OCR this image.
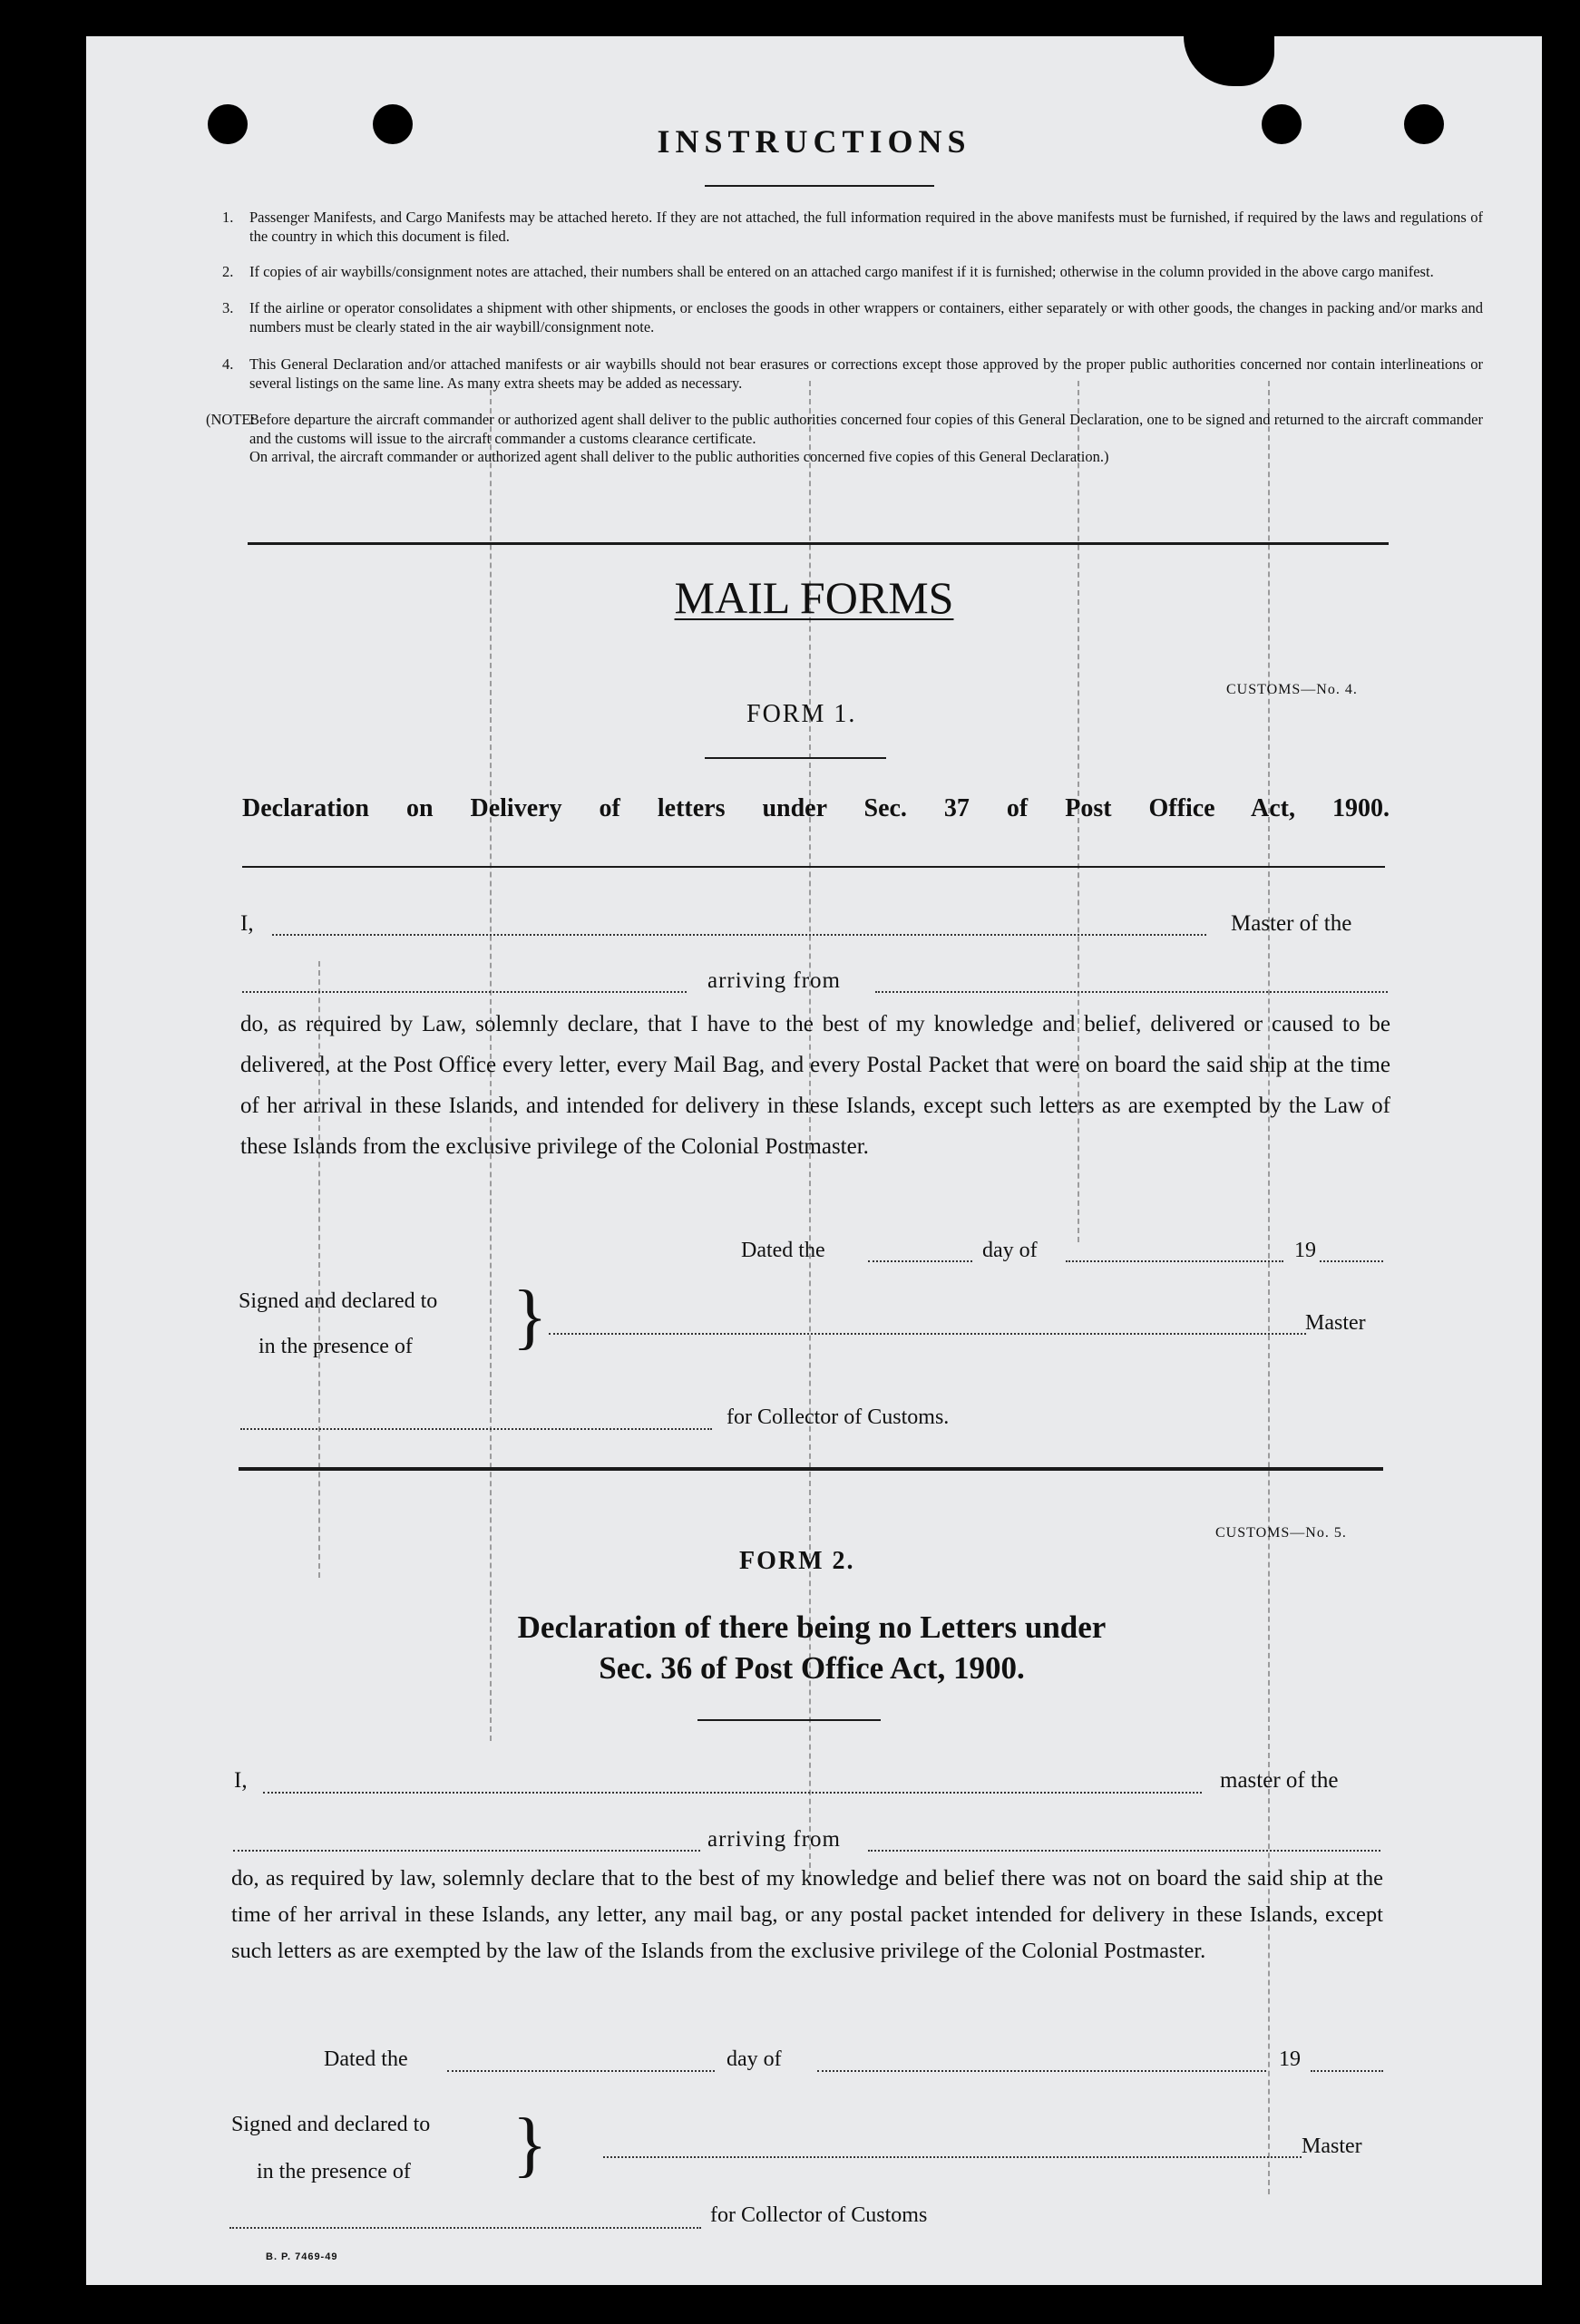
INSTRUCTIONS
1. Passenger Manifests, and Cargo Manifests may be attached hereto. If they are not attached, the full information required in the above manifests must be furnished, if required by the laws and regulations of the country in which this document is filed.

2. If copies of air waybills/consignment notes are attached, their numbers shall be entered on an attached cargo manifest if it is furnished; otherwise in the column provided in the above cargo manifest.

3. If the airline or operator consolidates a shipment with other shipments, or encloses the goods in other wrappers or containers, either separately or with other goods, the changes in packing and/or marks and numbers must be clearly stated in the air waybill/consignment note.

4. This General Declaration and/or attached manifests or air waybills should not bear erasures or corrections except those approved by the proper public authorities concerned nor contain interlineations or several listings on the same line. As many extra sheets may be added as necessary.

(NOTE:

Before departure the aircraft commander or authorized agent shall deliver to the public authorities concerned four copies of this General Declaration, one to be signed and returned to the aircraft commander and the customs will issue to the aircraft commander a customs clearance certificate.

On arrival, the aircraft commander or authorized agent shall deliver to the public authorities concerned five copies of this General Declaration.)

MAIL FORMS
CUSTOMS—No. 4.
FORM 1.
Declaration on Delivery of letters under Sec. 37 of Post Office Act, 1900.
I,	Master of the
arriving from
do, as required by Law, solemnly declare, that I have to the best of my knowledge and belief, delivered or caused to be delivered, at the Post Office every letter, every Mail Bag, and every Postal Packet that were on board the said ship at the time of her arrival in these Islands, and intended for delivery in these Islands, except such letters as are exempted by the Law of these Islands from the exclusive privilege of the Colonial Postmaster.
Dated the	day of	19
Signed and declared to
in the presence of }	Master
for Collector of Customs.
CUSTOMS—No. 5.
FORM 2.
Declaration of there being no Letters under
Sec. 36 of Post Office Act, 1900.
I,	master of the
arriving from
do, as required by law, solemnly declare that to the best of my knowledge and belief there was not on board the said ship at the time of her arrival in these Islands, any letter, any mail bag, or any postal packet intended for delivery in these Islands, except such letters as are exempted by the law of the Islands from the exclusive privilege of the Colonial Postmaster.
Dated the	day of	19
Signed and declared to
in the presence of }	Master
for Collector of Customs
B. P. 7469-49
